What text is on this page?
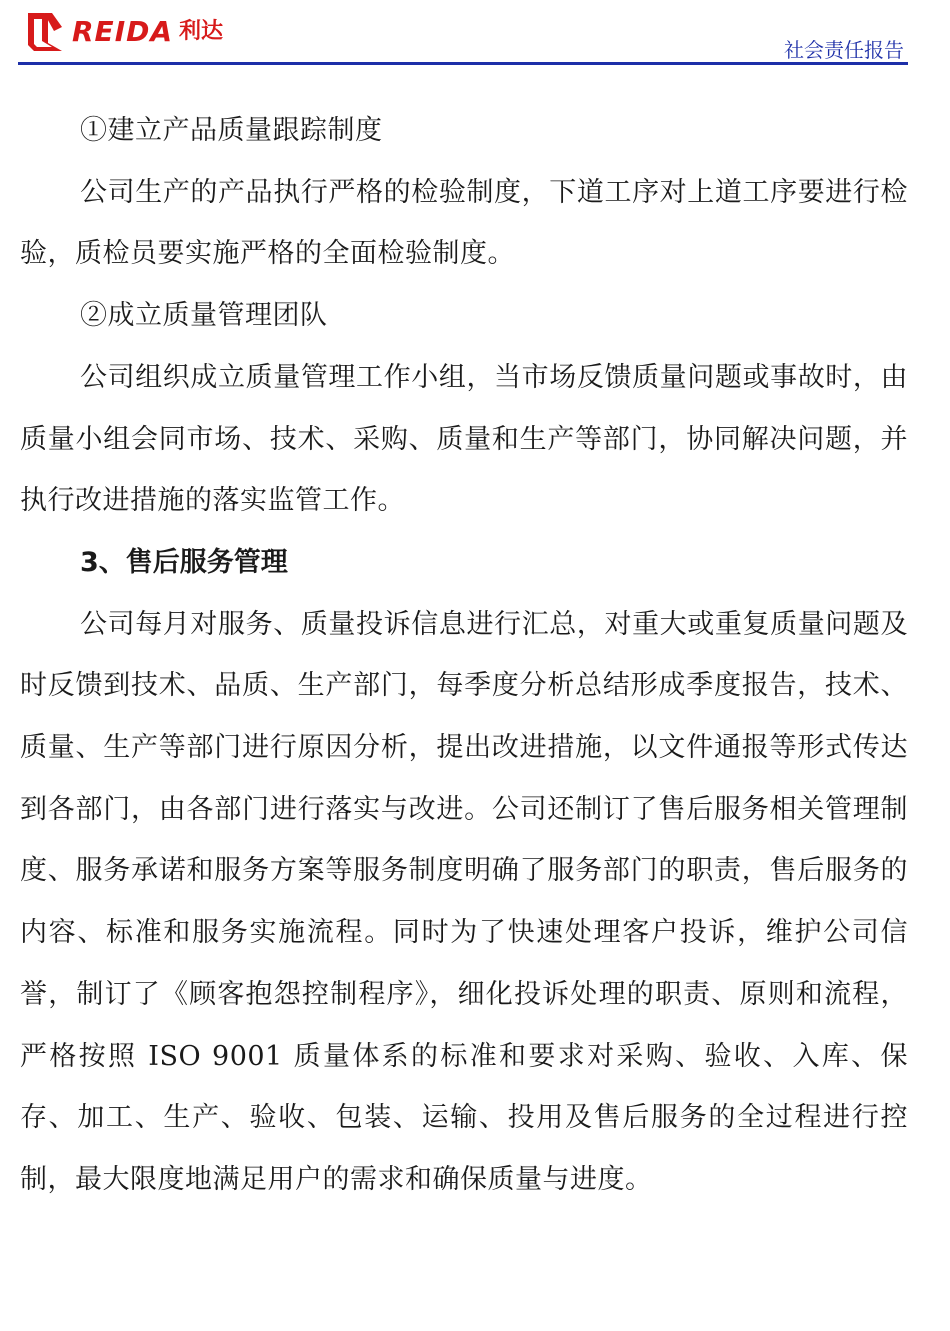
REIDA 利达
社会责任报告

①建立产品质量跟踪制度

公司生产的产品执行严格的检验制度，下道工序对上道工序要进行检验，质检员要实施严格的全面检验制度。

②成立质量管理团队

公司组织成立质量管理工作小组，当市场反馈质量问题或事故时，由质量小组会同市场、技术、采购、质量和生产等部门，协同解决问题，并执行改进措施的落实监管工作。

3、售后服务管理

公司每月对服务、质量投诉信息进行汇总，对重大或重复质量问题及时反馈到技术、品质、生产部门，每季度分析总结形成季度报告，技术、质量、生产等部门进行原因分析，提出改进措施，以文件通报等形式传达到各部门，由各部门进行落实与改进。公司还制订了售后服务相关管理制度、服务承诺和服务方案等服务制度明确了服务部门的职责，售后服务的内容、标准和服务实施流程。同时为了快速处理客户投诉，维护公司信誉，制订了《顾客抱怨控制程序》，细化投诉处理的职责、原则和流程，严格按照 ISO 9001 质量体系的标准和要求对采购、验收、入库、保存、加工、生产、验收、包装、运输、投用及售后服务的全过程进行控制，最大限度地满足用户的需求和确保质量与进度。
